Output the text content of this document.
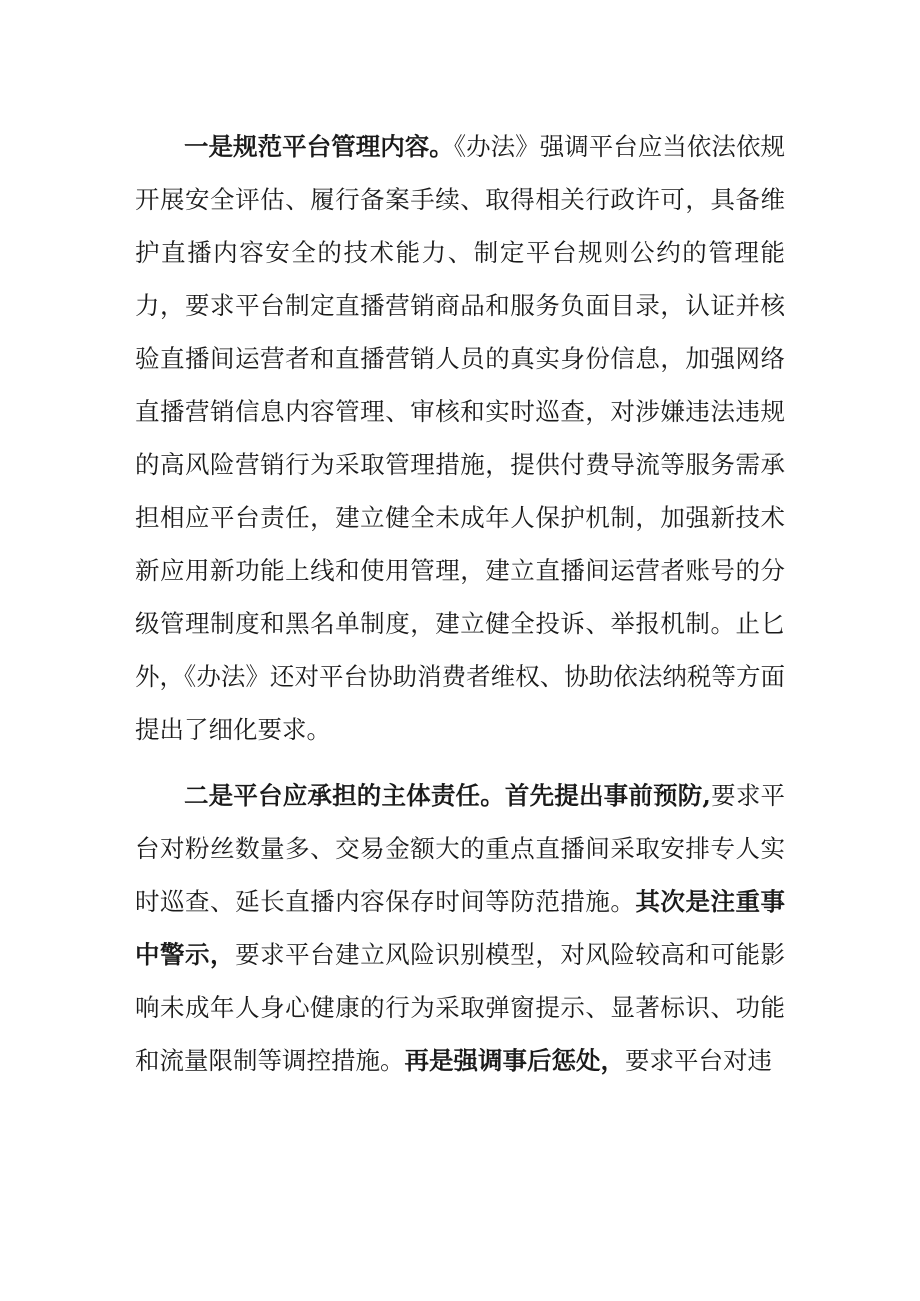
一是规范平台管理内容。《办法》强调平台应当依法依规开展安全评估、履行备案手续、取得相关行政许可，具备维护直播内容安全的技术能力、制定平台规则公约的管理能力，要求平台制定直播营销商品和服务负面目录，认证并核验直播间运营者和直播营销人员的真实身份信息，加强网络直播营销信息内容管理、审核和实时巡查，对涉嫌违法违规的高风险营销行为采取管理措施，提供付费导流等服务需承担相应平台责任，建立健全未成年人保护机制，加强新技术新应用新功能上线和使用管理，建立直播间运营者账号的分级管理制度和黑名单制度，建立健全投诉、举报机制。止匕外，《办法》还对平台协助消费者维权、协助依法纳税等方面提出了细化要求。

二是平台应承担的主体责任。首先提出事前预防,要求平台对粉丝数量多、交易金额大的重点直播间采取安排专人实时巡查、延长直播内容保存时间等防范措施。其次是注重事中警示，要求平台建立风险识别模型，对风险较高和可能影响未成年人身心健康的行为采取弹窗提示、显著标识、功能和流量限制等调控措施。再是强调事后惩处，要求平台对违
